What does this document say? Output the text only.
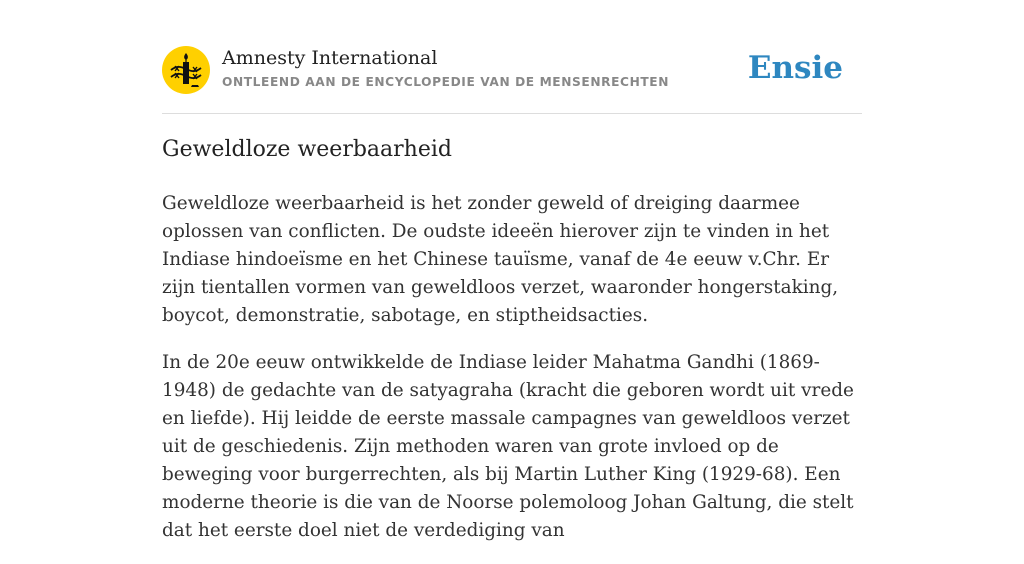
Amnesty International
ONTLEEND AAN DE ENCYCLOPEDIE VAN DE MENSENRECHTEN	Ensie
Geweldloze weerbaarheid

Geweldloze weerbaarheid is het zonder geweld of dreiging daarmee oplossen van conflicten. De oudste ideeën hierover zijn te vinden in het Indiase hindoeïsme en het Chinese tauïsme, vanaf de 4e eeuw v.Chr. Er zijn tientallen vormen van geweldloos verzet, waaronder hongerstaking, boycot, demonstratie, sabotage, en stiptheidsacties.

In de 20e eeuw ontwikkelde de Indiase leider Mahatma Gandhi (1869-1948) de gedachte van de satyagraha (kracht die geboren wordt uit vrede en liefde). Hij leidde de eerste massale campagnes van geweldloos verzet uit de geschiedenis. Zijn methoden waren van grote invloed op de beweging voor burgerrechten, als bij Martin Luther King (1929-68). Een moderne theorie is die van de Noorse polemoloog Johan Galtung, die stelt dat het eerste doel niet de verdediging van
